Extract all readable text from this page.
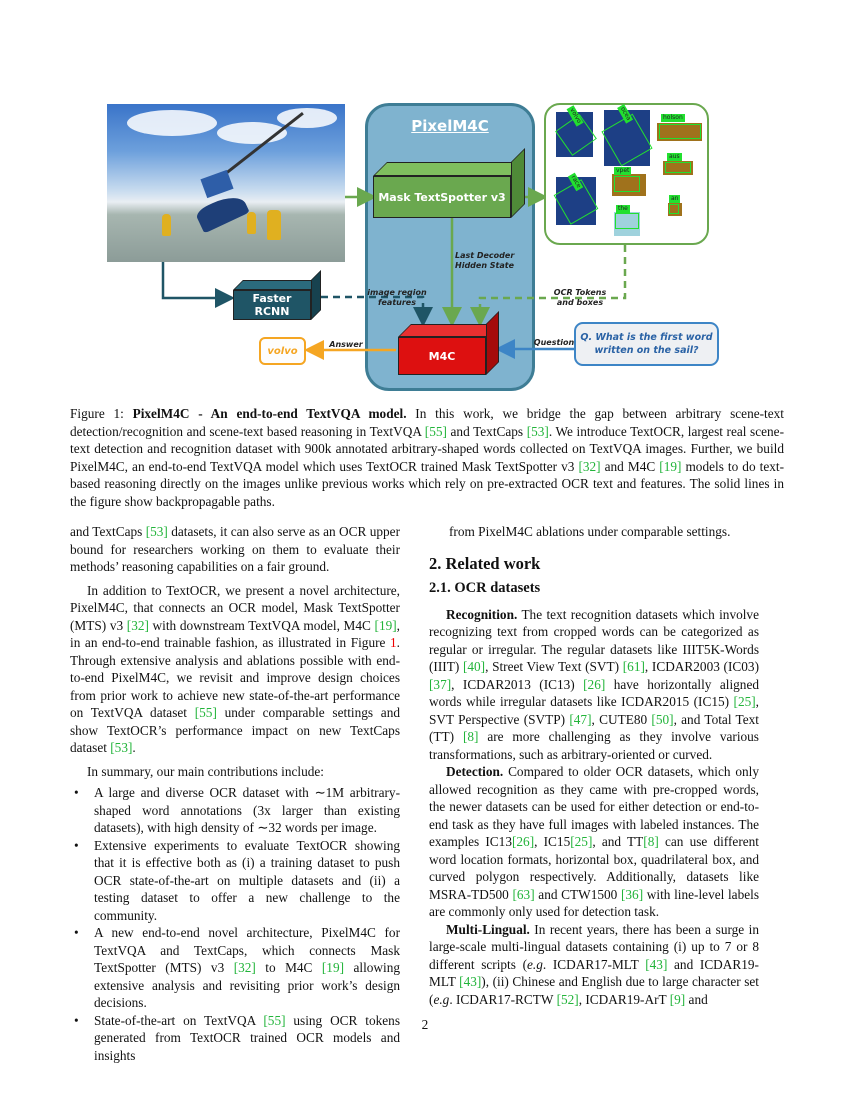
PixelM4C
Mask TextSpotter v3
Faster RCNN
M4C
volvo	ocea	holson
race
vpet
aus
the
an
Last Decoder Hidden State
image region features
OCR Tokens and boxes
Answer	Question
volvo
Q. What is the first word written on the sail?
Figure 1: PixelM4C - An end-to-end TextVQA model. In this work, we bridge the gap between arbitrary scene-text detection/recognition and scene-text based reasoning in TextVQA [55] and TextCaps [53]. We introduce TextOCR, largest real scene-text detection and recognition dataset with 900k annotated arbitrary-shaped words collected on TextVQA images. Further, we build PixelM4C, an end-to-end TextVQA model which uses TextOCR trained Mask TextSpotter v3 [32] and M4C [19] models to do text-based reasoning directly on the images unlike previous works which rely on pre-extracted OCR text and features. The solid lines in the figure show backpropagable paths.

and TextCaps [53] datasets, it can also serve as an OCR upper bound for researchers working on them to evaluate their methods’ reasoning capabilities on a fair ground.

In addition to TextOCR, we present a novel architecture, PixelM4C, that connects an OCR model, Mask TextSpotter (MTS) v3 [32] with downstream TextVQA model, M4C [19], in an end-to-end trainable fashion, as illustrated in Figure 1. Through extensive analysis and ablations possible with end-to-end PixelM4C, we revisit and improve design choices from prior work to achieve new state-of-the-art performance on TextVQA dataset [55] under comparable settings and show TextOCR’s performance impact on new TextCaps dataset [53].

In summary, our main contributions include:

• A large and diverse OCR dataset with ∼1M arbitrary-shaped word annotations (3x larger than existing datasets), with high density of ∼32 words per image.
• Extensive experiments to evaluate TextOCR showing that it is effective both as (i) a training dataset to push OCR state-of-the-art on multiple datasets and (ii) a testing dataset to offer a new challenge to the community.
• A new end-to-end novel architecture, PixelM4C for TextVQA and TextCaps, which connects Mask TextSpotter (MTS) v3 [32] to M4C [19] allowing extensive analysis and revisiting prior work’s design decisions.
• State-of-the-art on TextVQA [55] using OCR tokens generated from TextOCR trained OCR models and insights

from PixelM4C ablations under comparable settings.

2. Related work
2.1. OCR datasets

Recognition. The text recognition datasets which involve recognizing text from cropped words can be categorized as regular or irregular. The regular datasets like IIIT5K-Words (IIIT) [40], Street View Text (SVT) [61], ICDAR2003 (IC03) [37], ICDAR2013 (IC13) [26] have horizontally aligned words while irregular datasets like ICDAR2015 (IC15) [25], SVT Perspective (SVTP) [47], CUTE80 [50], and Total Text (TT) [8] are more challenging as they involve various transformations, such as arbitrary-oriented or curved.

Detection. Compared to older OCR datasets, which only allowed recognition as they came with pre-cropped words, the newer datasets can be used for either detection or end-to-end task as they have full images with labeled instances. The examples IC13[26], IC15[25], and TT[8] can use different word location formats, horizontal box, quadrilateral box, and curved polygon respectively. Additionally, datasets like MSRA-TD500 [63] and CTW1500 [36] with line-level labels are commonly only used for detection task.

Multi-Lingual. In recent years, there has been a surge in large-scale multi-lingual datasets containing (i) up to 7 or 8 different scripts (e.g. ICDAR17-MLT [43] and ICDAR19-MLT [43]), (ii) Chinese and English due to large character set (e.g. ICDAR17-RCTW [52], ICDAR19-ArT [9] and

2
